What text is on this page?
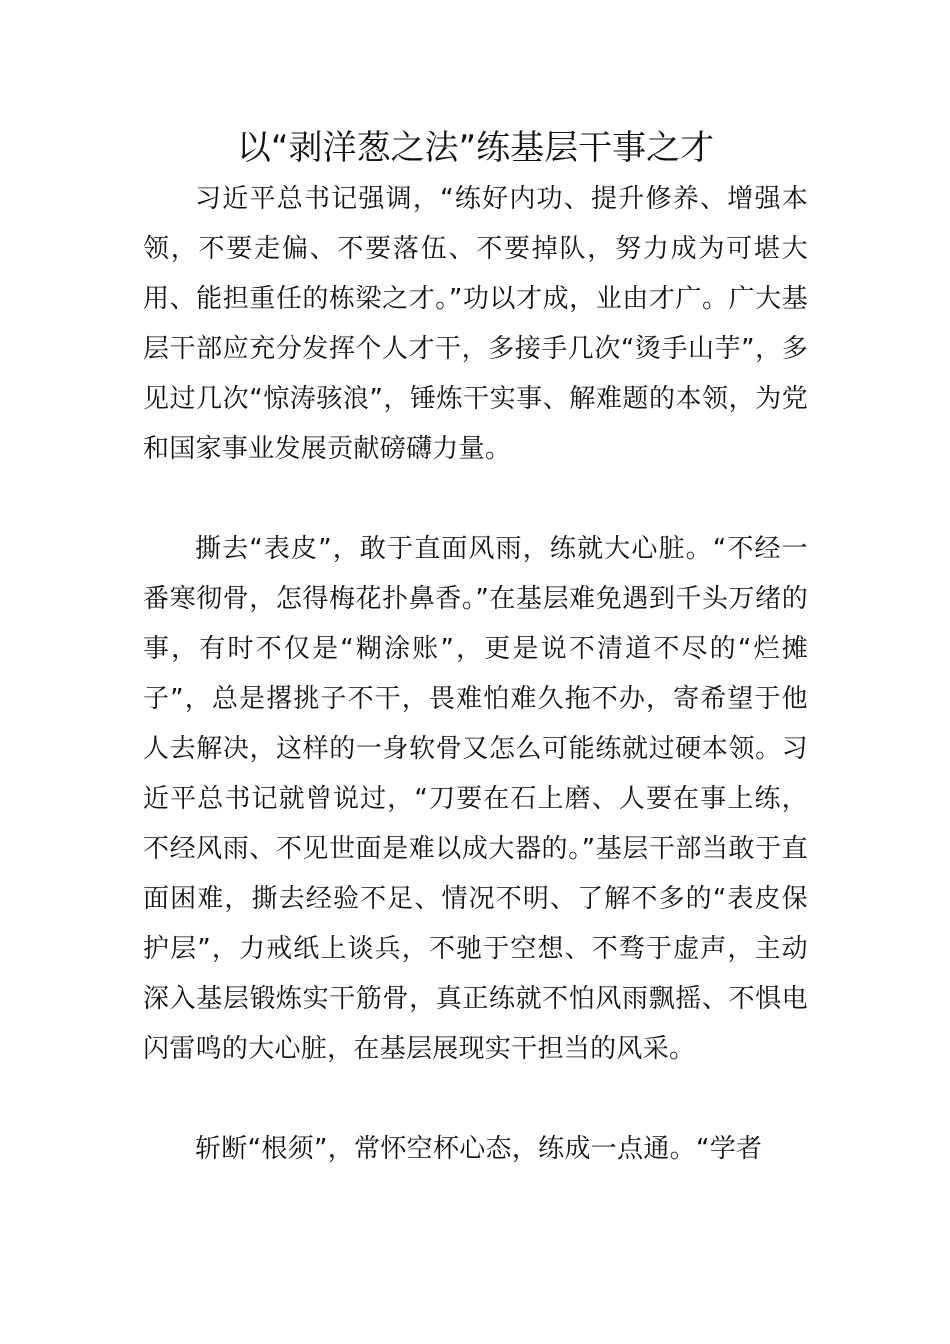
以“剥洋葱之法”练基层干事之才

习近平总书记强调，“练好内功、提升修养、增强本领，不要走偏、不要落伍、不要掉队，努力成为可堪大用、能担重任的栋梁之才。”功以才成，业由才广。广大基层干部应充分发挥个人才干，多接手几次“烫手山芋”，多见过几次“惊涛骇浪”，锤炼干实事、解难题的本领，为党和国家事业发展贡献磅礴力量。

撕去“表皮”，敢于直面风雨，练就大心脏。“不经一番寒彻骨，怎得梅花扑鼻香。”在基层难免遇到千头万绪的事，有时不仅是“糊涂账”，更是说不清道不尽的“烂摊子”，总是撂挑子不干，畏难怕难久拖不办，寄希望于他人去解决，这样的一身软骨又怎么可能练就过硬本领。习近平总书记就曾说过，“刀要在石上磨、人要在事上练，不经风雨、不见世面是难以成大器的。”基层干部当敢于直面困难，撕去经验不足、情况不明、了解不多的“表皮保护层”，力戒纸上谈兵，不驰于空想、不骛于虚声，主动深入基层锻炼实干筋骨，真正练就不怕风雨飘摇、不惧电闪雷鸣的大心脏，在基层展现实干担当的风采。

斩断“根须”，常怀空杯心态，练成一点通。“学者
